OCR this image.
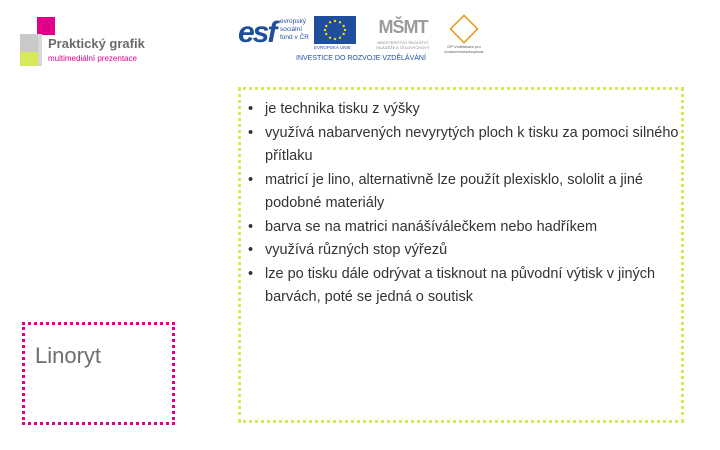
Praktický grafik
multimediální prezentace
esf evropský sociální fond v ČR
EVROPSKÁ UNIE
MŠMT
MINISTERSTVO ŠKOLSTVÍ, MLÁDEŽE A TĚLOVÝCHOVY	OP Vzdělávání pro konkurenceschopnost
INVESTICE DO ROZVOJE VZDĚLÁVÁNÍ
• je technika tisku z výšky
• využívá nabarvených nevyrytých ploch k tisku za pomoci silného přítlaku
• matricí je lino, alternativně lze použít plexisklo, sololit a jiné podobné materiály
• barva se na matrici nanášíválečkem nebo hadříkem
• využívá různých stop výřezů
• lze po tisku dále odrývat a tisknout na původní výtisk v jiných barvách, poté se jedná o soutisk
Linoryt
